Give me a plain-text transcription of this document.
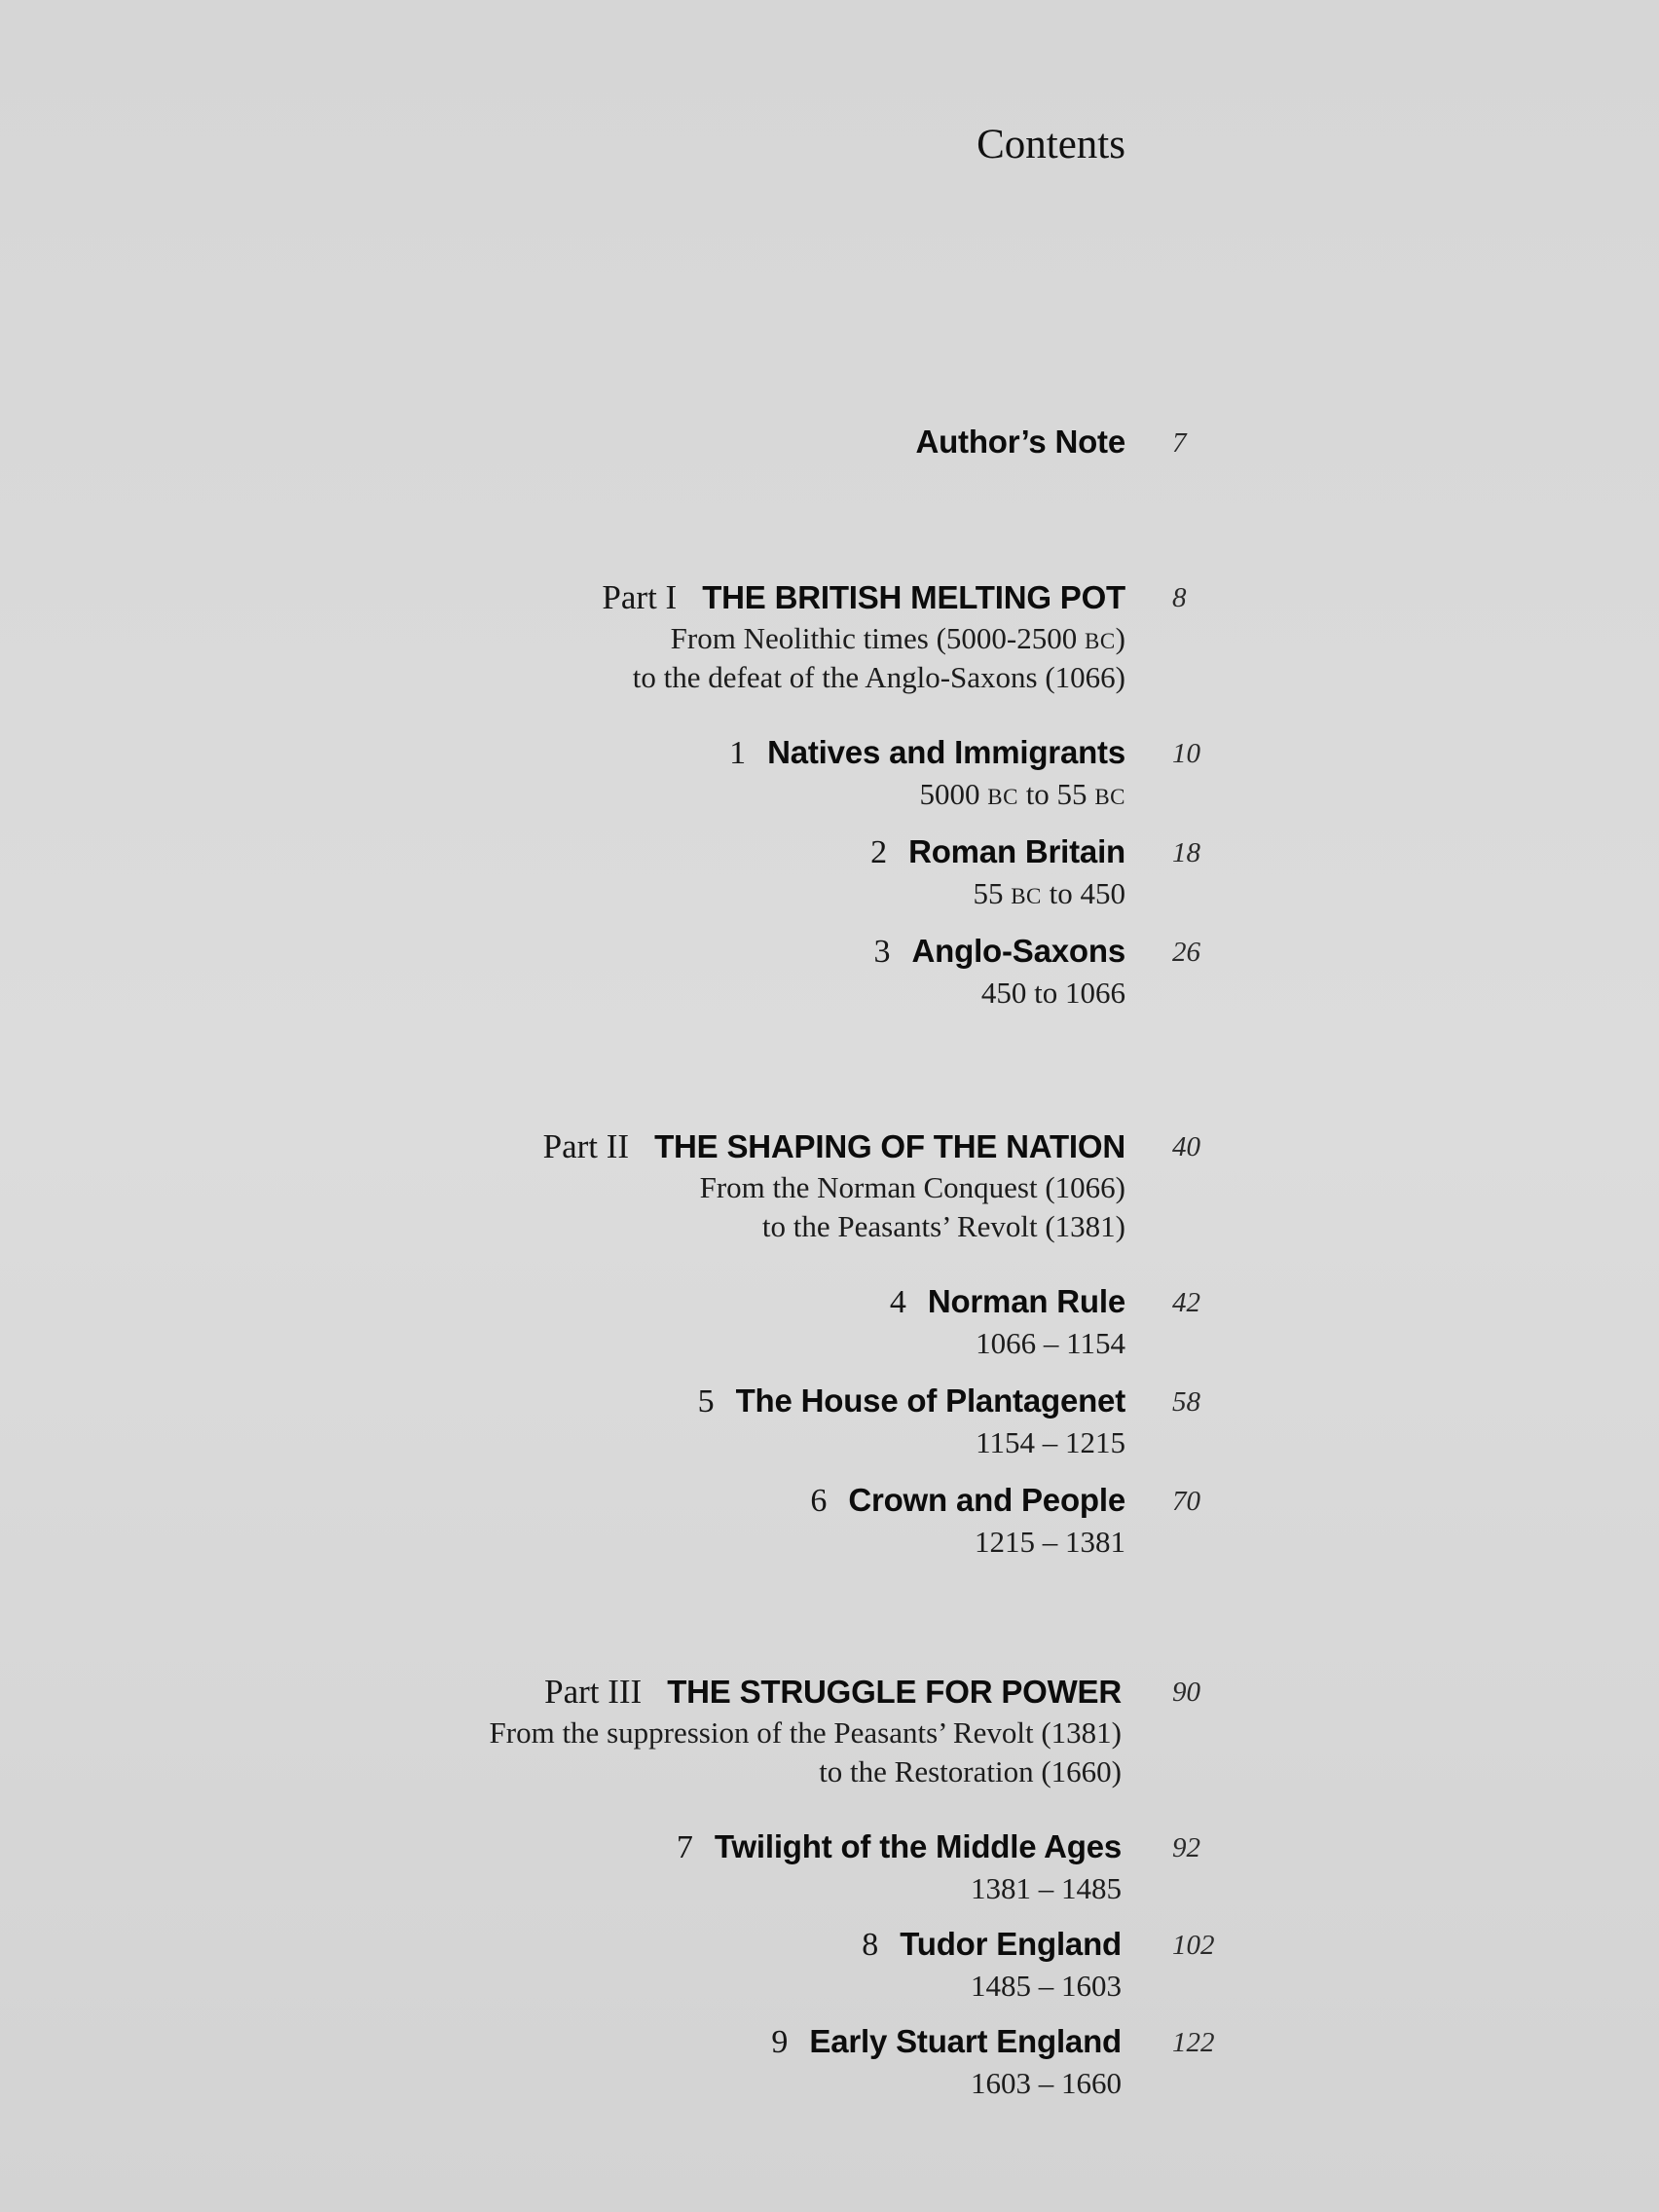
Contents
Author’s Note 7
Part I THE BRITISH MELTING POT 8
From Neolithic times (5000-2500 BC)
to the defeat of the Anglo-Saxons (1066)
1 Natives and Immigrants 10
5000 BC to 55 BC
2 Roman Britain 18
55 BC to 450
3 Anglo-Saxons 26
450 to 1066
Part II THE SHAPING OF THE NATION 40
From the Norman Conquest (1066)
to the Peasants’ Revolt (1381)
4 Norman Rule 42
1066 – 1154
5 The House of Plantagenet 58
1154 – 1215
6 Crown and People 70
1215 – 1381
Part III THE STRUGGLE FOR POWER 90
From the suppression of the Peasants’ Revolt (1381)
to the Restoration (1660)
7 Twilight of the Middle Ages 92
1381 – 1485
8 Tudor England 102
1485 – 1603
9 Early Stuart England 122
1603 – 1660
